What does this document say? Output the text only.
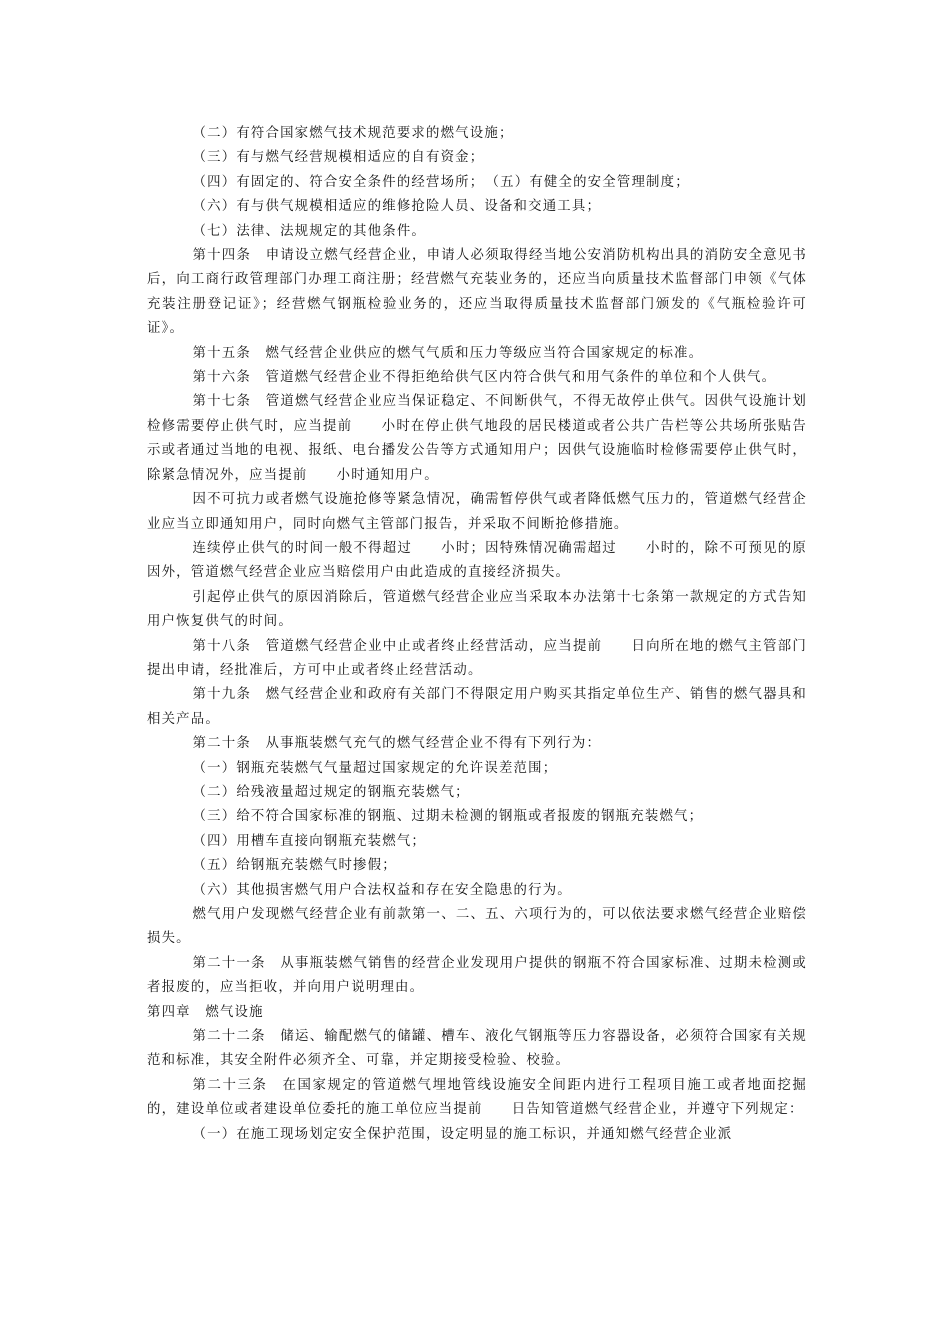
（二）有符合国家燃气技术规范要求的燃气设施；

（三）有与燃气经营规模相适应的自有资金；

（四）有固定的、符合安全条件的经营场所；　（五）有健全的安全管理制度；

（六）有与供气规模相适应的维修抢险人员、设备和交通工具；

（七）法律、法规规定的其他条件。

第十四条　申请设立燃气经营企业，申请人必须取得经当地公安消防机构出具的消防安全意见书后，向工商行政管理部门办理工商注册；经营燃气充装业务的，还应当向质量技术监督部门申领《气体充装注册登记证》；经营燃气钢瓶检验业务的，还应当取得质量技术监督部门颁发的《气瓶检验许可证》。

第十五条　燃气经营企业供应的燃气气质和压力等级应当符合国家规定的标准。

第十六条　管道燃气经营企业不得拒绝给供气区内符合供气和用气条件的单位和个人供气。

第十七条　管道燃气经营企业应当保证稳定、不间断供气，不得无故停止供气。因供气设施计划检修需要停止供气时，应当提前　　小时在停止供气地段的居民楼道或者公共广告栏等公共场所张贴告示或者通过当地的电视、报纸、电台播发公告等方式通知用户；因供气设施临时检修需要停止供气时，除紧急情况外，应当提前　　小时通知用户。

因不可抗力或者燃气设施抢修等紧急情况，确需暂停供气或者降低燃气压力的，管道燃气经营企业应当立即通知用户，同时向燃气主管部门报告，并采取不间断抢修措施。

连续停止供气的时间一般不得超过　　小时；因特殊情况确需超过　　小时的，除不可预见的原因外，管道燃气经营企业应当赔偿用户由此造成的直接经济损失。

引起停止供气的原因消除后，管道燃气经营企业应当采取本办法第十七条第一款规定的方式告知用户恢复供气的时间。

第十八条　管道燃气经营企业中止或者终止经营活动，应当提前　　日向所在地的燃气主管部门提出申请，经批准后，方可中止或者终止经营活动。

第十九条　燃气经营企业和政府有关部门不得限定用户购买其指定单位生产、销售的燃气器具和相关产品。

第二十条　从事瓶装燃气充气的燃气经营企业不得有下列行为：

（一）钢瓶充装燃气气量超过国家规定的允许误差范围；

（二）给残液量超过规定的钢瓶充装燃气；

（三）给不符合国家标准的钢瓶、过期未检测的钢瓶或者报废的钢瓶充装燃气；

（四）用槽车直接向钢瓶充装燃气；

（五）给钢瓶充装燃气时掺假；

（六）其他损害燃气用户合法权益和存在安全隐患的行为。

燃气用户发现燃气经营企业有前款第一、二、五、六项行为的，可以依法要求燃气经营企业赔偿损失。

第二十一条　从事瓶装燃气销售的经营企业发现用户提供的钢瓶不符合国家标准、过期未检测或者报废的，应当拒收，并向用户说明理由。

第四章　燃气设施

第二十二条　储运、输配燃气的储罐、槽车、液化气钢瓶等压力容器设备，必须符合国家有关规范和标准，其安全附件必须齐全、可靠，并定期接受检验、校验。

第二十三条　在国家规定的管道燃气埋地管线设施安全间距内进行工程项目施工或者地面挖掘的，建设单位或者建设单位委托的施工单位应当提前　　日告知管道燃气经营企业，并遵守下列规定：

（一）在施工现场划定安全保护范围，设定明显的施工标识，并通知燃气经营企业派
